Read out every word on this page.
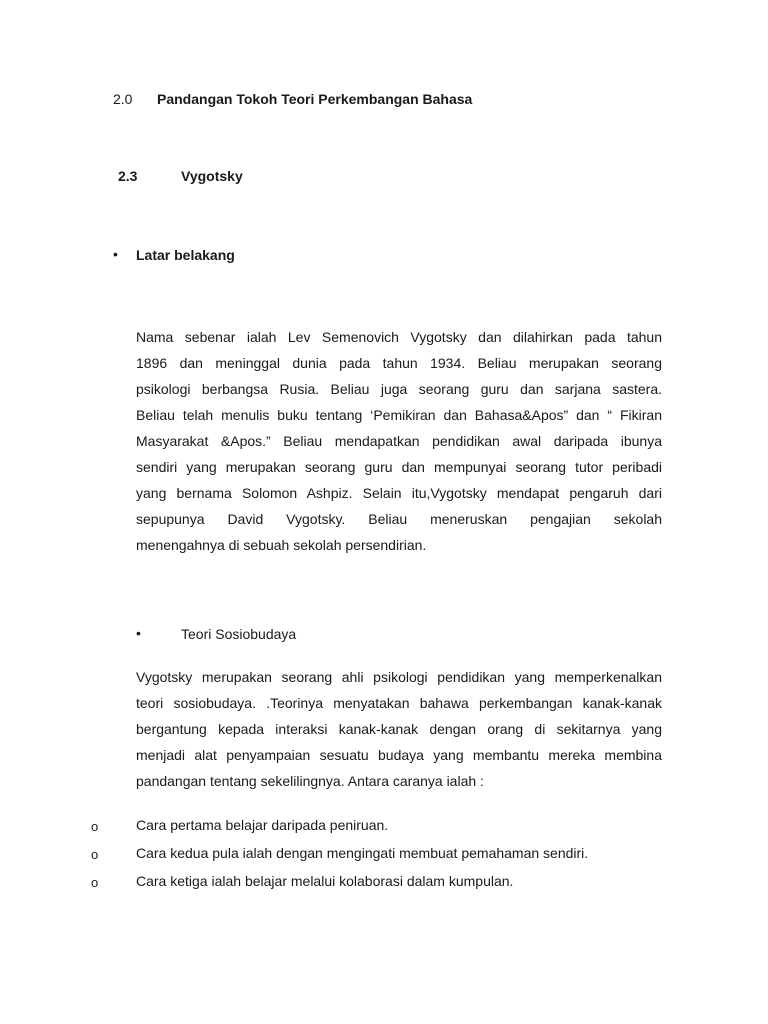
2.0 Pandangan Tokoh Teori Perkembangan Bahasa
2.3	Vygotsky
• Latar belakang
Nama sebenar ialah Lev Semenovich Vygotsky dan dilahirkan pada tahun
1896 dan meninggal dunia pada tahun 1934. Beliau merupakan seorang
psikologi berbangsa Rusia. Beliau juga seorang guru dan sarjana sastera.
Beliau telah menulis buku tentang ‘Pemikiran dan Bahasa&Apos” dan “ Fikiran
Masyarakat &Apos.” Beliau mendapatkan pendidikan awal daripada ibunya
sendiri yang merupakan seorang guru dan mempunyai seorang tutor peribadi
yang bernama Solomon Ashpiz. Selain itu,Vygotsky mendapat pengaruh dari
sepupunya David Vygotsky. Beliau meneruskan pengajian sekolah
menengahnya di sebuah sekolah persendirian.
•	Teori Sosiobudaya
Vygotsky merupakan seorang ahli psikologi pendidikan yang memperkenalkan
teori sosiobudaya. .Teorinya menyatakan bahawa perkembangan kanak-kanak
bergantung kepada interaksi kanak-kanak dengan orang di sekitarnya yang
menjadi alat penyampaian sesuatu budaya yang membantu mereka membina
pandangan tentang sekelilingnya. Antara caranya ialah :
o	Cara pertama belajar daripada peniruan.
o	Cara kedua pula ialah dengan mengingati membuat pemahaman sendiri.
o	Cara ketiga ialah belajar melalui kolaborasi dalam kumpulan.
